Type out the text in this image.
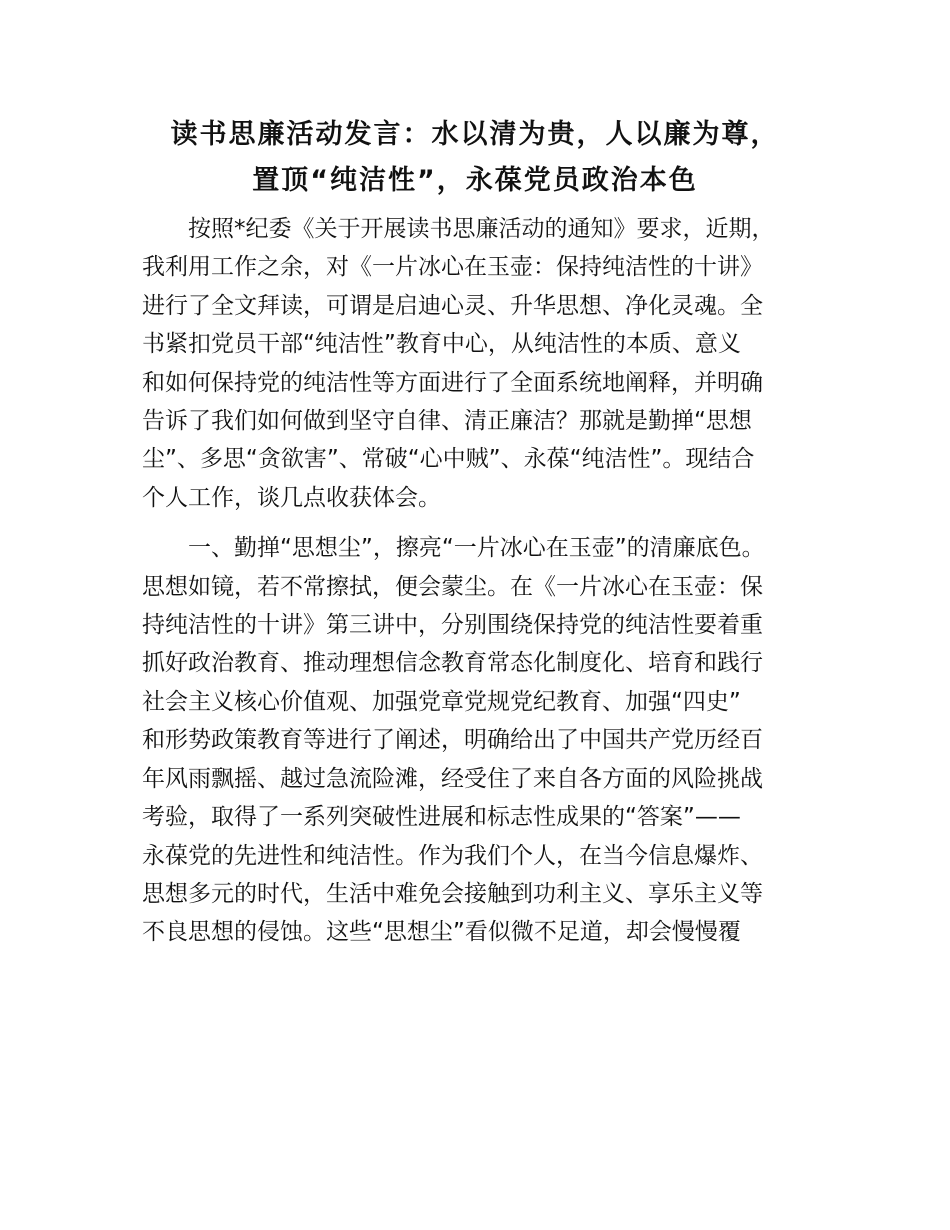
读书思廉活动发言：水以清为贵，人以廉为尊，
置顶“纯洁性”，永葆党员政治本色
　　按照*纪委《关于开展读书思廉活动的通知》要求，近期，
我利用工作之余，对《一片冰心在玉壶：保持纯洁性的十讲》
进行了全文拜读，可谓是启迪心灵、升华思想、净化灵魂。全
书紧扣党员干部“纯洁性”教育中心，从纯洁性的本质、意义
和如何保持党的纯洁性等方面进行了全面系统地阐释，并明确
告诉了我们如何做到坚守自律、清正廉洁？那就是勤掸“思想
尘”、多思“贪欲害”、常破“心中贼”、永葆“纯洁性”。现结合
个人工作，谈几点收获体会。
　　一、勤掸“思想尘”，擦亮“一片冰心在玉壶”的清廉底色。
思想如镜，若不常擦拭，便会蒙尘。在《一片冰心在玉壶：保
持纯洁性的十讲》第三讲中，分别围绕保持党的纯洁性要着重
抓好政治教育、推动理想信念教育常态化制度化、培育和践行
社会主义核心价值观、加强党章党规党纪教育、加强“四史”
和形势政策教育等进行了阐述，明确给出了中国共产党历经百
年风雨飘摇、越过急流险滩，经受住了来自各方面的风险挑战
考验，取得了一系列突破性进展和标志性成果的“答案”——
永葆党的先进性和纯洁性。作为我们个人，在当今信息爆炸、
思想多元的时代，生活中难免会接触到功利主义、享乐主义等
不良思想的侵蚀。这些“思想尘”看似微不足道，却会慢慢覆
